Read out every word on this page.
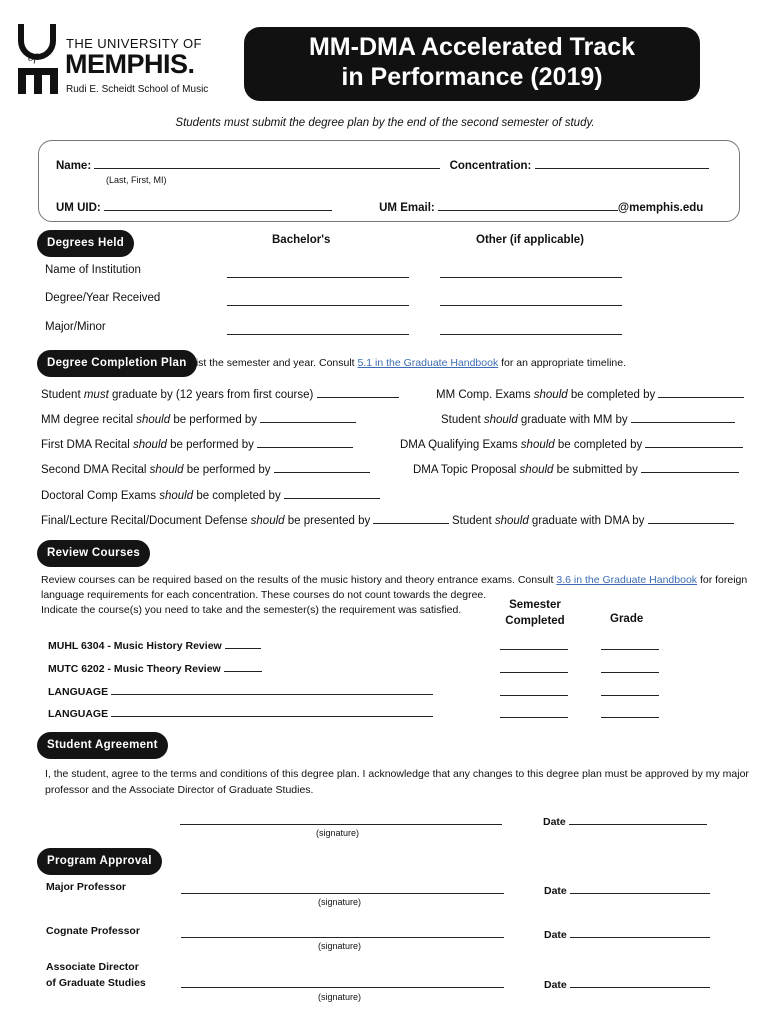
of
THE UNIVERSITY OF
MEMPHIS.
Rudi E. Scheidt School of Music
MM-DMA Accelerated Track
in Performance (2019)
Students must submit the degree plan by the end of the second semester of study.
Name:	Concentration:
(Last, First, MI)
UM UID:	UM Email:	@memphis.edu
Degrees Held	Bachelor's	Other (if applicable)
Name of Institution
Degree/Year Received
Major/Minor
Degree Completion Plan List the semester and year. Consult 5.1 in the Graduate Handbook for an appropriate timeline.
Student must graduate by (12 years from first course)	MM Comp. Exams should be completed by
MM degree recital should be performed by	Student should graduate with MM by
First DMA Recital should be performed by	DMA Qualifying Exams should be completed by
Second DMA Recital should be performed by	DMA Topic Proposal should be submitted by
Doctoral Comp Exams should be completed by
Final/Lecture Recital/Document Defense should be presented by	Student should graduate with DMA by
Review Courses
Review courses can be required based on the results of the music history and theory entrance exams. Consult 3.6 in the Graduate Handbook for foreign
language requirements for each concentration. These courses do not count towards the degree.
Indicate the course(s) you need to take and the semester(s) the requirement was satisfied.	Semester
Completed	Grade
MUHL 6304 - Music History Review
MUTC 6202 - Music Theory Review
LANGUAGE
LANGUAGE
Student Agreement
I, the student, agree to the terms and conditions of this degree plan. I acknowledge that any changes to this degree plan must be approved by my major
professor and the Associate Director of Graduate Studies.
(signature)
Date
Program Approval
Major Professor
(signature)
Date
Cognate Professor
(signature)
Date
Associate Director
of Graduate Studies
(signature)
Date
